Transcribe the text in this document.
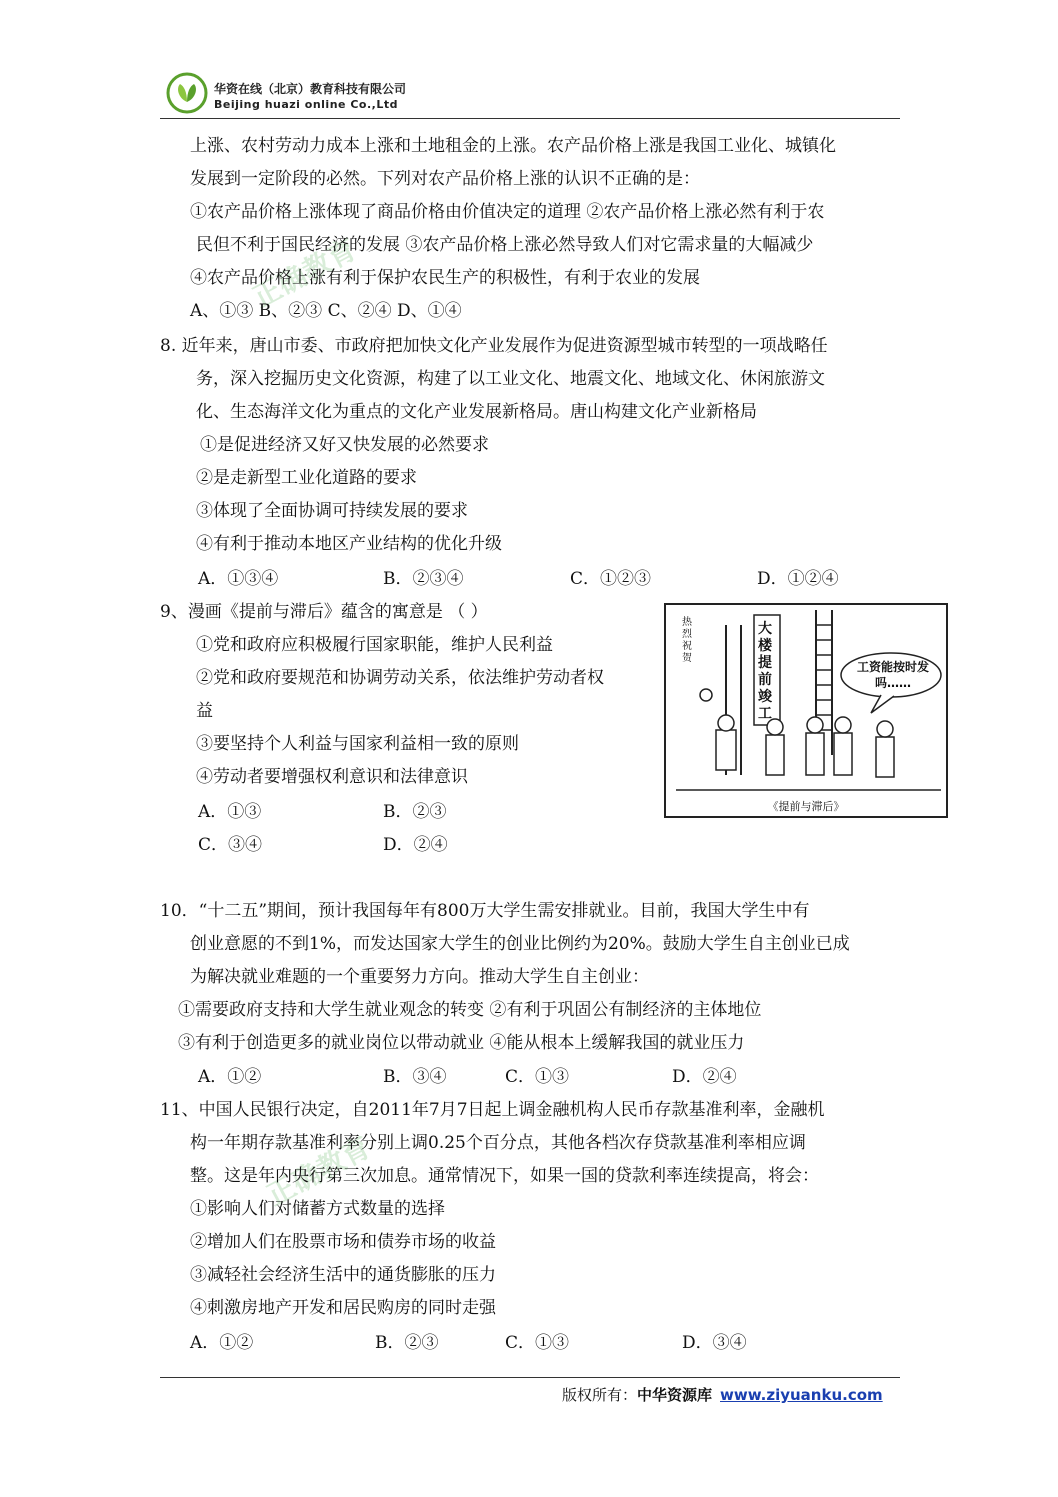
华资在线（北京）教育科技有限公司
Beijing huazi online Co.,Ltd
正确教育
正确教育
上涨、农村劳动力成本上涨和土地租金的上涨。农产品价格上涨是我国工业化、城镇化
发展到一定阶段的必然。下列对农产品价格上涨的认识不正确的是：
①农产品价格上涨体现了商品价格由价值决定的道理 ②农产品价格上涨必然有利于农
民但不利于国民经济的发展 ③农产品价格上涨必然导致人们对它需求量的大幅减少
④农产品价格上涨有利于保护农民生产的积极性，有利于农业的发展
A、①③ B、②③ C、②④ D、①④
8. 近年来，唐山市委、市政府把加快文化产业发展作为促进资源型城市转型的一项战略任
务，深入挖掘历史文化资源，构建了以工业文化、地震文化、地域文化、休闲旅游文
化、生态海洋文化为重点的文化产业发展新格局。唐山构建文化产业新格局
①是促进经济又好又快发展的必然要求
②是走新型工业化道路的要求
③体现了全面协调可持续发展的要求
④有利于推动本地区产业结构的优化升级
A．①③④	B．②③④	C．①②③	D．①②④
9、漫画《提前与滞后》蕴含的寓意是 （ ）
①党和政府应积极履行国家职能，维护人民利益
②党和政府要规范和协调劳动关系，依法维护劳动者权
益
③要坚持个人利益与国家利益相一致的原则
④劳动者要增强权利意识和法律意识
A．①③	B．②③
C．③④	D．②④
10．“十二五”期间，预计我国每年有800万大学生需安排就业。目前，我国大学生中有
创业意愿的不到1%，而发达国家大学生的创业比例约为20%。鼓励大学生自主创业已成
为解决就业难题的一个重要努力方向。推动大学生自主创业：
①需要政府支持和大学生就业观念的转变 ②有利于巩固公有制经济的主体地位
③有利于创造更多的就业岗位以带动就业 ④能从根本上缓解我国的就业压力
A．①②	B．③④	C．①③	D．②④
11、中国人民银行决定，自2011年7月7日起上调金融机构人民币存款基准利率，金融机
构一年期存款基准利率分别上调0.25个百分点，其他各档次存贷款基准利率相应调
整。这是年内央行第三次加息。通常情况下，如果一国的贷款利率连续提高，将会：
①影响人们对储蓄方式数量的选择
②增加人们在股票市场和债券市场的收益
③减轻社会经济生活中的通货膨胀的压力
④刺激房地产开发和居民购房的同时走强
A．①②	B．②③	C．①③	D．③④
热烈祝贺
大楼提前竣工
工资能按时发吗……
《提前与滞后》
版权所有：中华资源库 www.ziyuanku.com
